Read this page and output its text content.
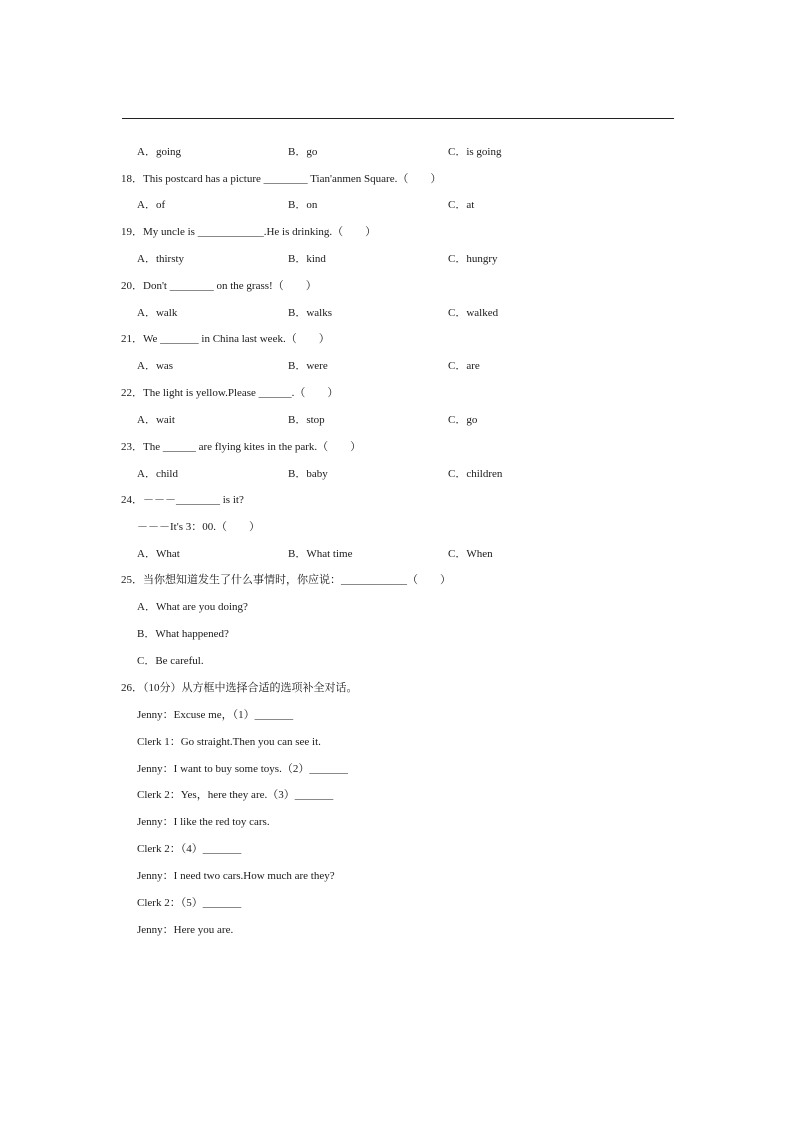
A．going	B．go	C．is going
18．This postcard has a picture ________ Tian'anmen Square.（　　）
A．of	B．on	C．at
19．My uncle is ____________.He is drinking.（　　）
A．thirsty	B．kind	C．hungry
20．Don't ________ on the grass!（　　）
A．walk	B．walks	C．walked
21．We _______ in China last week.（　　）
A．was	B．were	C．are
22．The light is yellow.Please ______.（　　）
A．wait	B．stop	C．go
23．The ______ are flying kites in the park.（　　）
A．child	B．baby	C．children
24．－－－________ is it?
－－－It's 3：00.（　　）
A．What	B．What time	C．When
25．当你想知道发生了什么事情时，你应说：____________（　　）
A．What are you doing?
B．What happened?
C．Be careful.
26．（10分）从方框中选择合适的选项补全对话。
Jenny：Excuse me，（1）_______
Clerk 1：Go straight.Then you can see it.
Jenny：I want to buy some toys.（2）_______
Clerk 2：Yes，here they are.（3）_______
Jenny：I like the red toy cars.
Clerk 2：（4）_______
Jenny：I need two cars.How much are they?
Clerk 2：（5）_______
Jenny：Here you are.
